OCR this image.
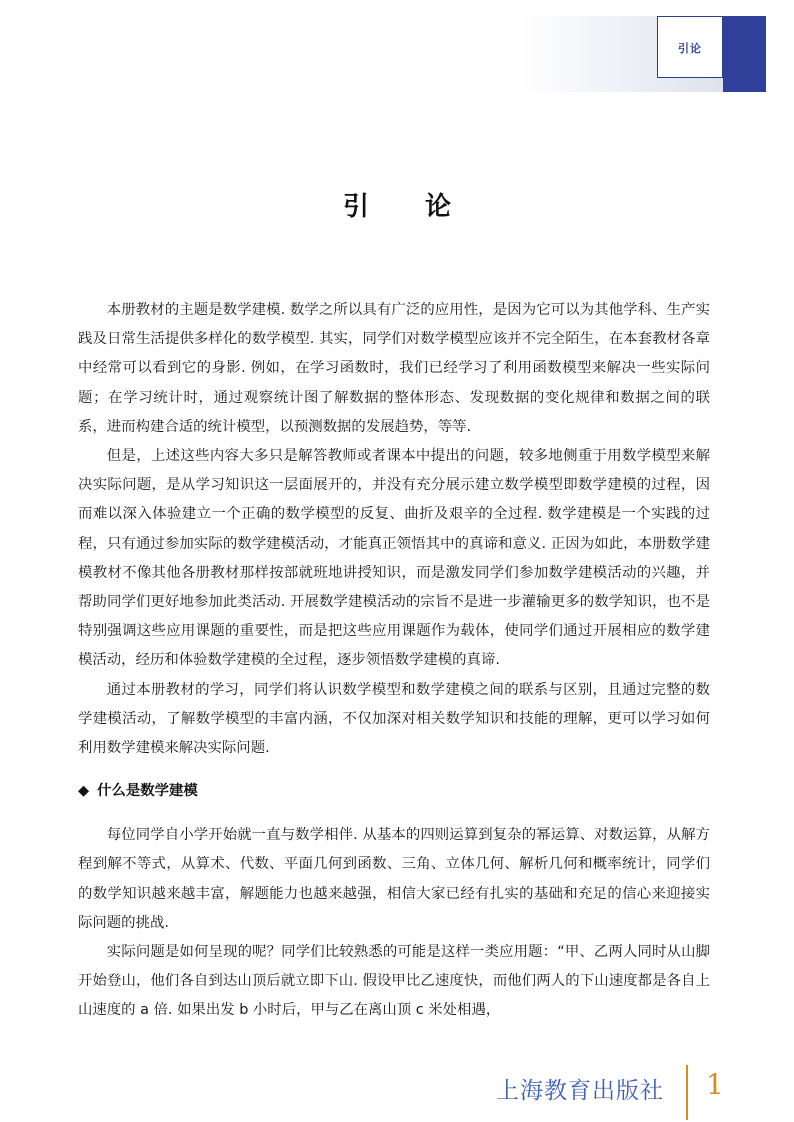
引论
引论

本册教材的主题是数学建模. 数学之所以具有广泛的应用性，是因为它可以为其他学科、生产实践及日常生活提供多样化的数学模型. 其实，同学们对数学模型应该并不完全陌生，在本套教材各章中经常可以看到它的身影. 例如，在学习函数时，我们已经学习了利用函数模型来解决一些实际问题；在学习统计时，通过观察统计图了解数据的整体形态、发现数据的变化规律和数据之间的联系，进而构建合适的统计模型，以预测数据的发展趋势，等等.

但是，上述这些内容大多只是解答教师或者课本中提出的问题，较多地侧重于用数学模型来解决实际问题，是从学习知识这一层面展开的，并没有充分展示建立数学模型即数学建模的过程，因而难以深入体验建立一个正确的数学模型的反复、曲折及艰辛的全过程. 数学建模是一个实践的过程，只有通过参加实际的数学建模活动，才能真正领悟其中的真谛和意义. 正因为如此，本册数学建模教材不像其他各册教材那样按部就班地讲授知识，而是激发同学们参加数学建模活动的兴趣，并帮助同学们更好地参加此类活动. 开展数学建模活动的宗旨不是进一步灌输更多的数学知识，也不是特别强调这些应用课题的重要性，而是把这些应用课题作为载体，使同学们通过开展相应的数学建模活动，经历和体验数学建模的全过程，逐步领悟数学建模的真谛.

通过本册教材的学习，同学们将认识数学模型和数学建模之间的联系与区别，且通过完整的数学建模活动，了解数学模型的丰富内涵，不仅加深对相关数学知识和技能的理解，更可以学习如何利用数学建模来解决实际问题.

◆ 什么是数学建模

每位同学自小学开始就一直与数学相伴. 从基本的四则运算到复杂的幂运算、对数运算，从解方程到解不等式，从算术、代数、平面几何到函数、三角、立体几何、解析几何和概率统计，同学们的数学知识越来越丰富，解题能力也越来越强，相信大家已经有扎实的基础和充足的信心来迎接实际问题的挑战.

实际问题是如何呈现的呢？同学们比较熟悉的可能是这样一类应用题：“甲、乙两人同时从山脚开始登山，他们各自到达山顶后就立即下山. 假设甲比乙速度快，而他们两人的下山速度都是各自上山速度的 a 倍. 如果出发 b 小时后，甲与乙在离山顶 c 米处相遇，

上海教育出版社 1
